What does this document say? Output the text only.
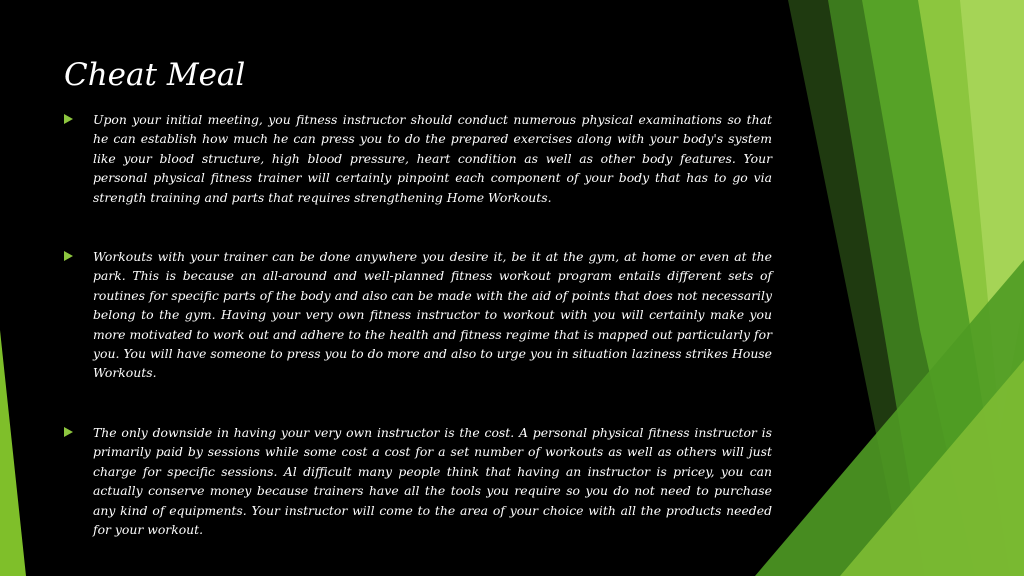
Cheat Meal
Upon your initial meeting, you fitness instructor should conduct numerous physical examinations so that he can establish how much he can press you to do the prepared exercises along with your body's system like your blood structure, high blood pressure, heart condition as well as other body features. Your personal physical fitness trainer will certainly pinpoint each component of your body that has to go via strength training and parts that requires strengthening Home Workouts.
Workouts with your trainer can be done anywhere you desire it, be it at the gym, at home or even at the park. This is because an all-around and well-planned fitness workout program entails different sets of routines for specific parts of the body and also can be made with the aid of points that does not necessarily belong to the gym. Having your very own fitness instructor to workout with you will certainly make you more motivated to work out and adhere to the health and fitness regime that is mapped out particularly for you. You will have someone to press you to do more and also to urge you in situation laziness strikes House Workouts.
The only downside in having your very own instructor is the cost. A personal physical fitness instructor is primarily paid by sessions while some cost a cost for a set number of workouts as well as others will just charge for specific sessions. Al difficult many people think that having an instructor is pricey, you can actually conserve money because trainers have all the tools you require so you do not need to purchase any kind of equipments. Your instructor will come to the area of your choice with all the products needed for your workout.
